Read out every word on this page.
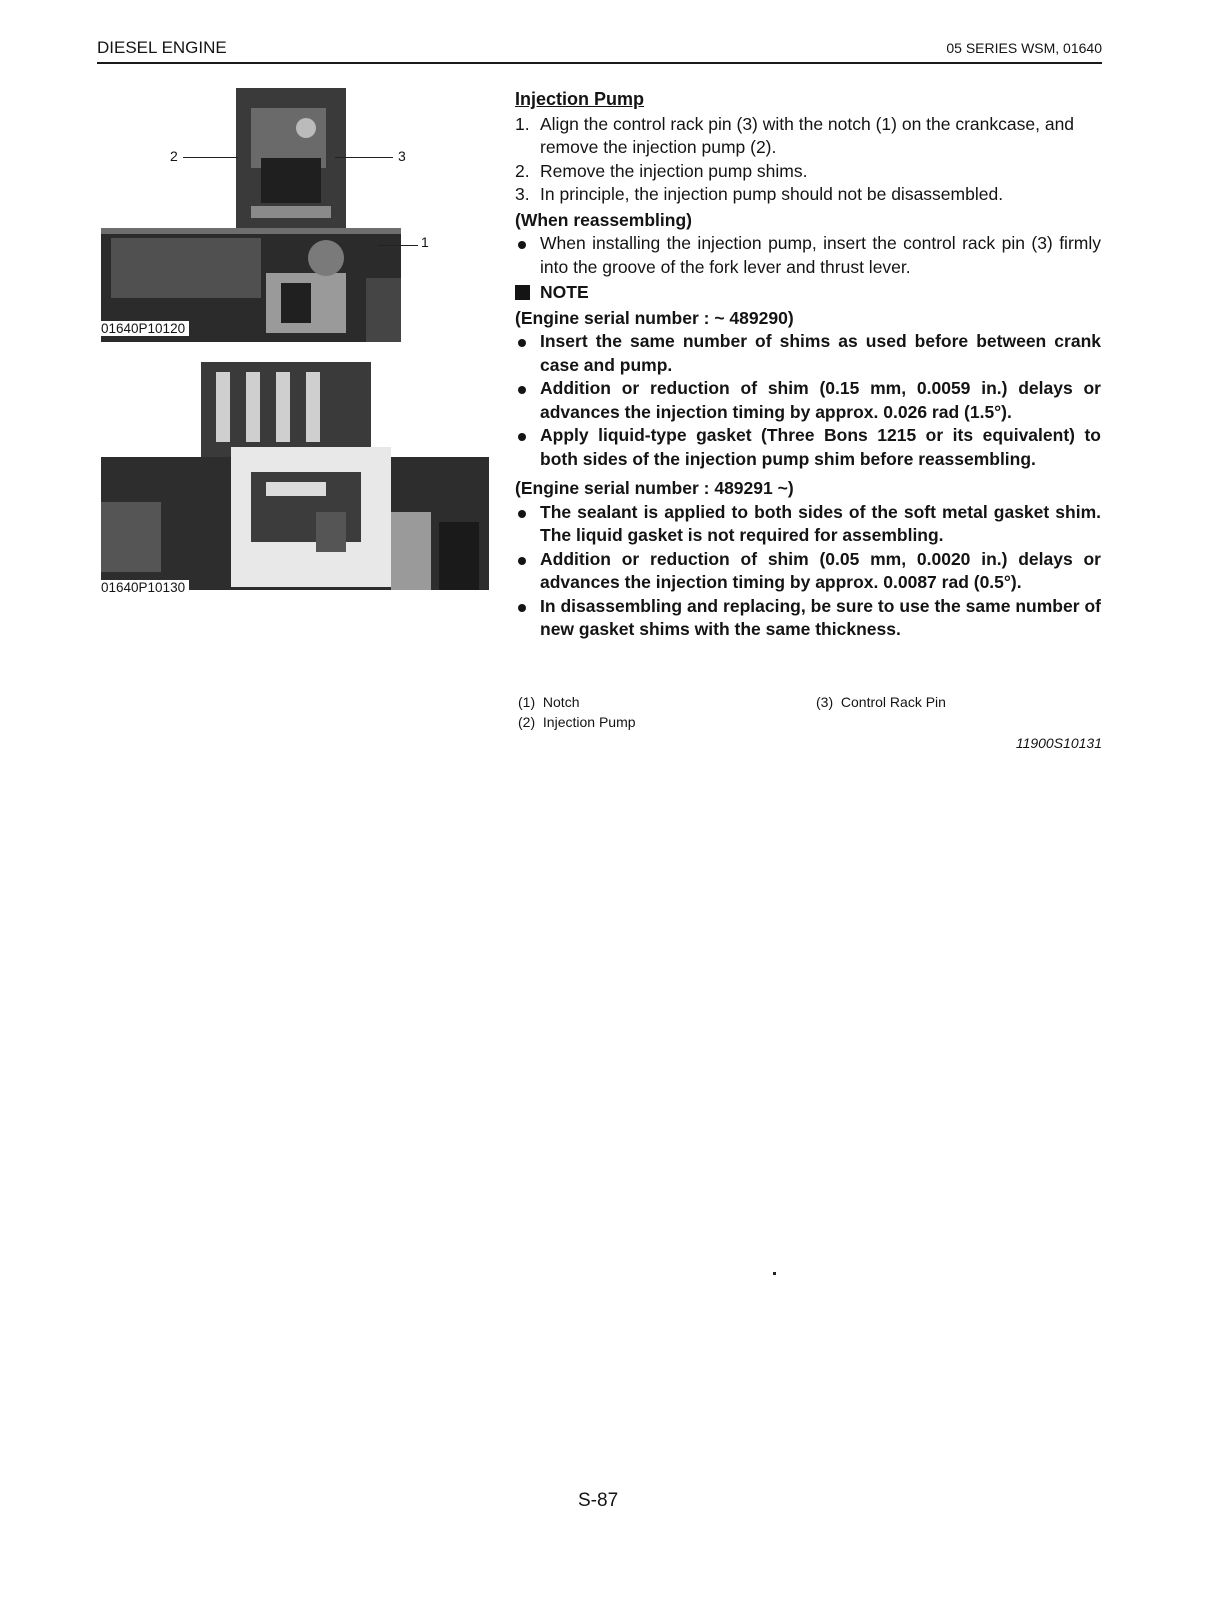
DIESEL ENGINE	05 SERIES WSM, 01640
2	3
1
01640P10120
01640P10130
Injection Pump
1. Align the control rack pin (3) with the notch (1) on the crankcase, and remove the injection pump (2).
2. Remove the injection pump shims.
3. In principle, the injection pump should not be disassembled.
(When reassembling)
When installing the injection pump, insert the control rack pin (3) firmly into the groove of the fork lever and thrust lever.
NOTE
(Engine serial number : ~ 489290)
Insert the same number of shims as used before between crank case and pump.
Addition or reduction of shim (0.15 mm, 0.0059 in.) delays or advances the injection timing by approx. 0.026 rad (1.5°).
Apply liquid-type gasket (Three Bons 1215 or its equivalent) to both sides of the injection pump shim before reassembling.
(Engine serial number : 489291 ~)
The sealant is applied to both sides of the soft metal gasket shim. The liquid gasket is not required for assembling.
Addition or reduction of shim (0.05 mm, 0.0020 in.) delays or advances the injection timing by approx. 0.0087 rad (0.5°).
In disassembling and replacing, be sure to use the same number of new gasket shims with the same thickness.
(1) Notch
(2) Injection Pump
(3) Control Rack Pin
11900S10131
S-87
